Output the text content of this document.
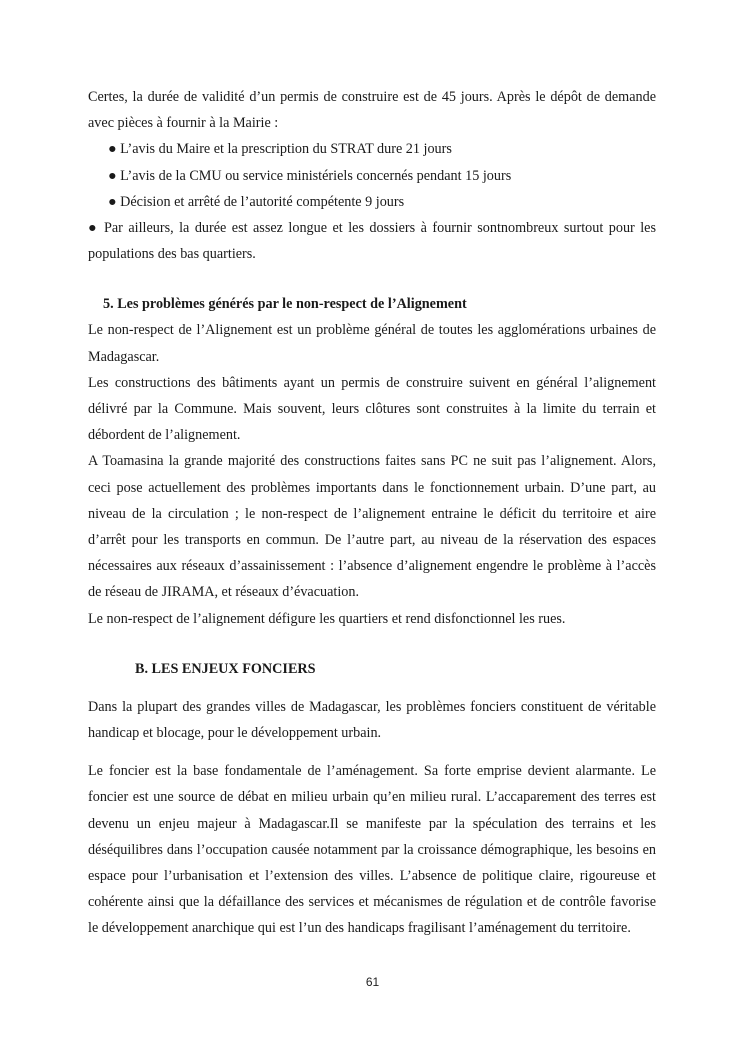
Certes, la durée de validité d’un permis de construire est de 45 jours. Après le dépôt de demande avec pièces à fournir à la Mairie :

● L’avis du Maire et la prescription du STRAT dure 21 jours

● L’avis de la CMU ou service ministériels concernés pendant 15 jours

● Décision et arrêté de l’autorité compétente 9 jours

● Par ailleurs, la durée est assez longue et les dossiers à fournir sontnombreux surtout pour les populations des bas quartiers.

5. Les problèmes générés par le non-respect de l’Alignement

Le non-respect de l’Alignement est un problème général de toutes les agglomérations urbaines de Madagascar.

Les constructions des bâtiments ayant un permis de construire suivent en général l’alignement délivré par la Commune. Mais souvent, leurs clôtures sont construites à la limite du terrain et débordent de l’alignement.

A Toamasina la grande majorité des constructions faites sans PC ne suit pas l’alignement. Alors, ceci pose actuellement des problèmes importants dans le fonctionnement urbain. D’une part, au niveau de la circulation ; le non-respect de l’alignement entraine le déficit du territoire et aire d’arrêt pour les transports en commun. De l’autre part, au niveau de la réservation des espaces nécessaires aux réseaux d’assainissement : l’absence d’alignement engendre le problème à l’accès de réseau de JIRAMA, et réseaux d’évacuation.

Le non-respect de l’alignement défigure les quartiers et rend disfonctionnel les rues.

B. LES ENJEUX FONCIERS

Dans la plupart des grandes villes de Madagascar, les problèmes fonciers constituent de véritable handicap et blocage, pour le développement urbain.

Le foncier est la base fondamentale de l’aménagement. Sa forte emprise devient alarmante. Le foncier est une source de débat en milieu urbain qu’en milieu rural. L’accaparement des terres est devenu un enjeu majeur à Madagascar.Il se manifeste par la spéculation des terrains et les déséquilibres dans l’occupation causée notamment par la croissance démographique, les besoins en espace pour l’urbanisation et l’extension des villes. L’absence de politique claire, rigoureuse et cohérente ainsi que la défaillance des services et mécanismes de régulation et de contrôle favorise le développement anarchique qui est l’un des handicaps fragilisant l’aménagement du territoire.

61
